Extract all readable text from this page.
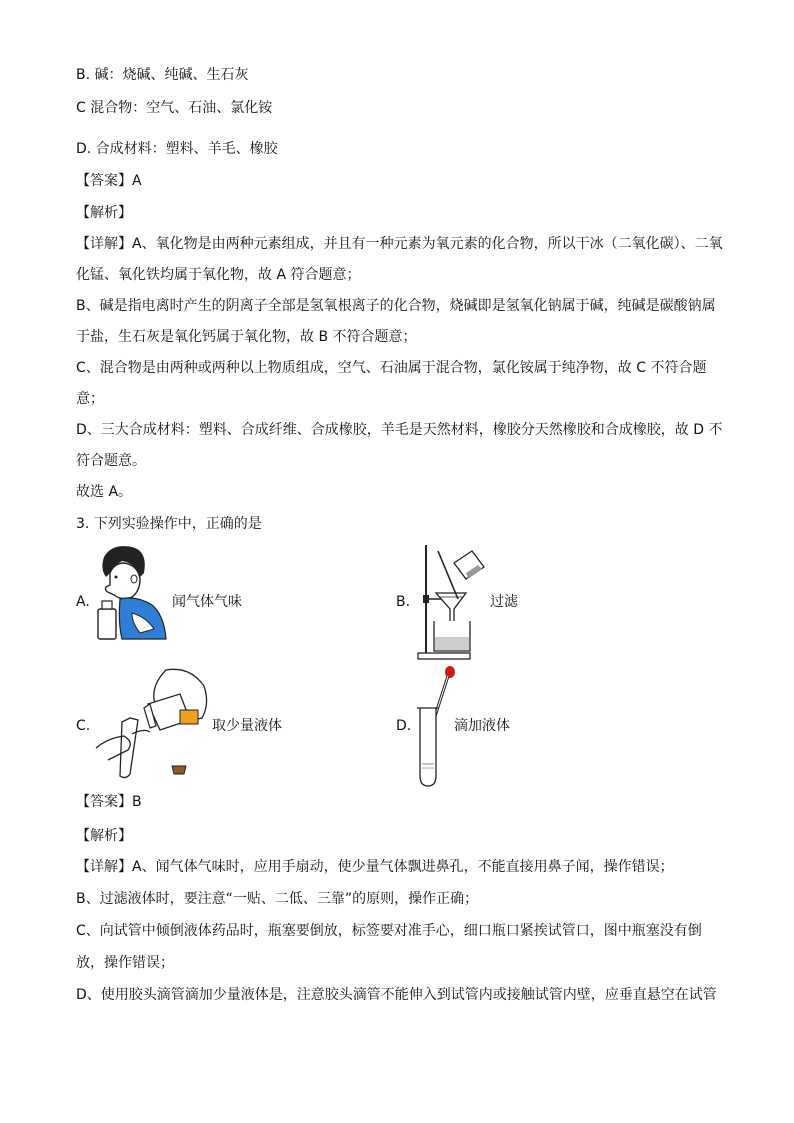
B. 碱：烧碱、纯碱、生石灰
C 混合物：空气、石油、氯化铵
D. 合成材料：塑料、羊毛、橡胶
【答案】A
【解析】
【详解】A、氧化物是由两种元素组成，并且有一种元素为氧元素的化合物，所以干冰（二氧化碳）、二氧
化锰、氧化铁均属于氧化物，故 A 符合题意；
B、碱是指电离时产生的阴离子全部是氢氧根离子的化合物，烧碱即是氢氧化钠属于碱，纯碱是碳酸钠属
于盐，生石灰是氧化钙属于氧化物，故 B 不符合题意；
C、混合物是由两种或两种以上物质组成，空气、石油属于混合物，氯化铵属于纯净物，故 C 不符合题
意；
D、三大合成材料：塑料、合成纤维、合成橡胶，羊毛是天然材料，橡胶分天然橡胶和合成橡胶，故 D 不
符合题意。
故选 A。
3. 下列实验操作中，正确的是
A.	闻气体气味	B.	过滤
C.	取少量液体	D.	滴加液体
【答案】B
【解析】
【详解】A、闻气体气味时，应用手扇动，使少量气体飘进鼻孔，不能直接用鼻子闻，操作错误；
B、过滤液体时，要注意“一贴、二低、三靠”的原则，操作正确；
C、向试管中倾倒液体药品时，瓶塞要倒放，标签要对准手心，细口瓶口紧挨试管口，图中瓶塞没有倒
放，操作错误；
D、使用胶头滴管滴加少量液体是，注意胶头滴管不能伸入到试管内或接触试管内壁，应垂直悬空在试管
